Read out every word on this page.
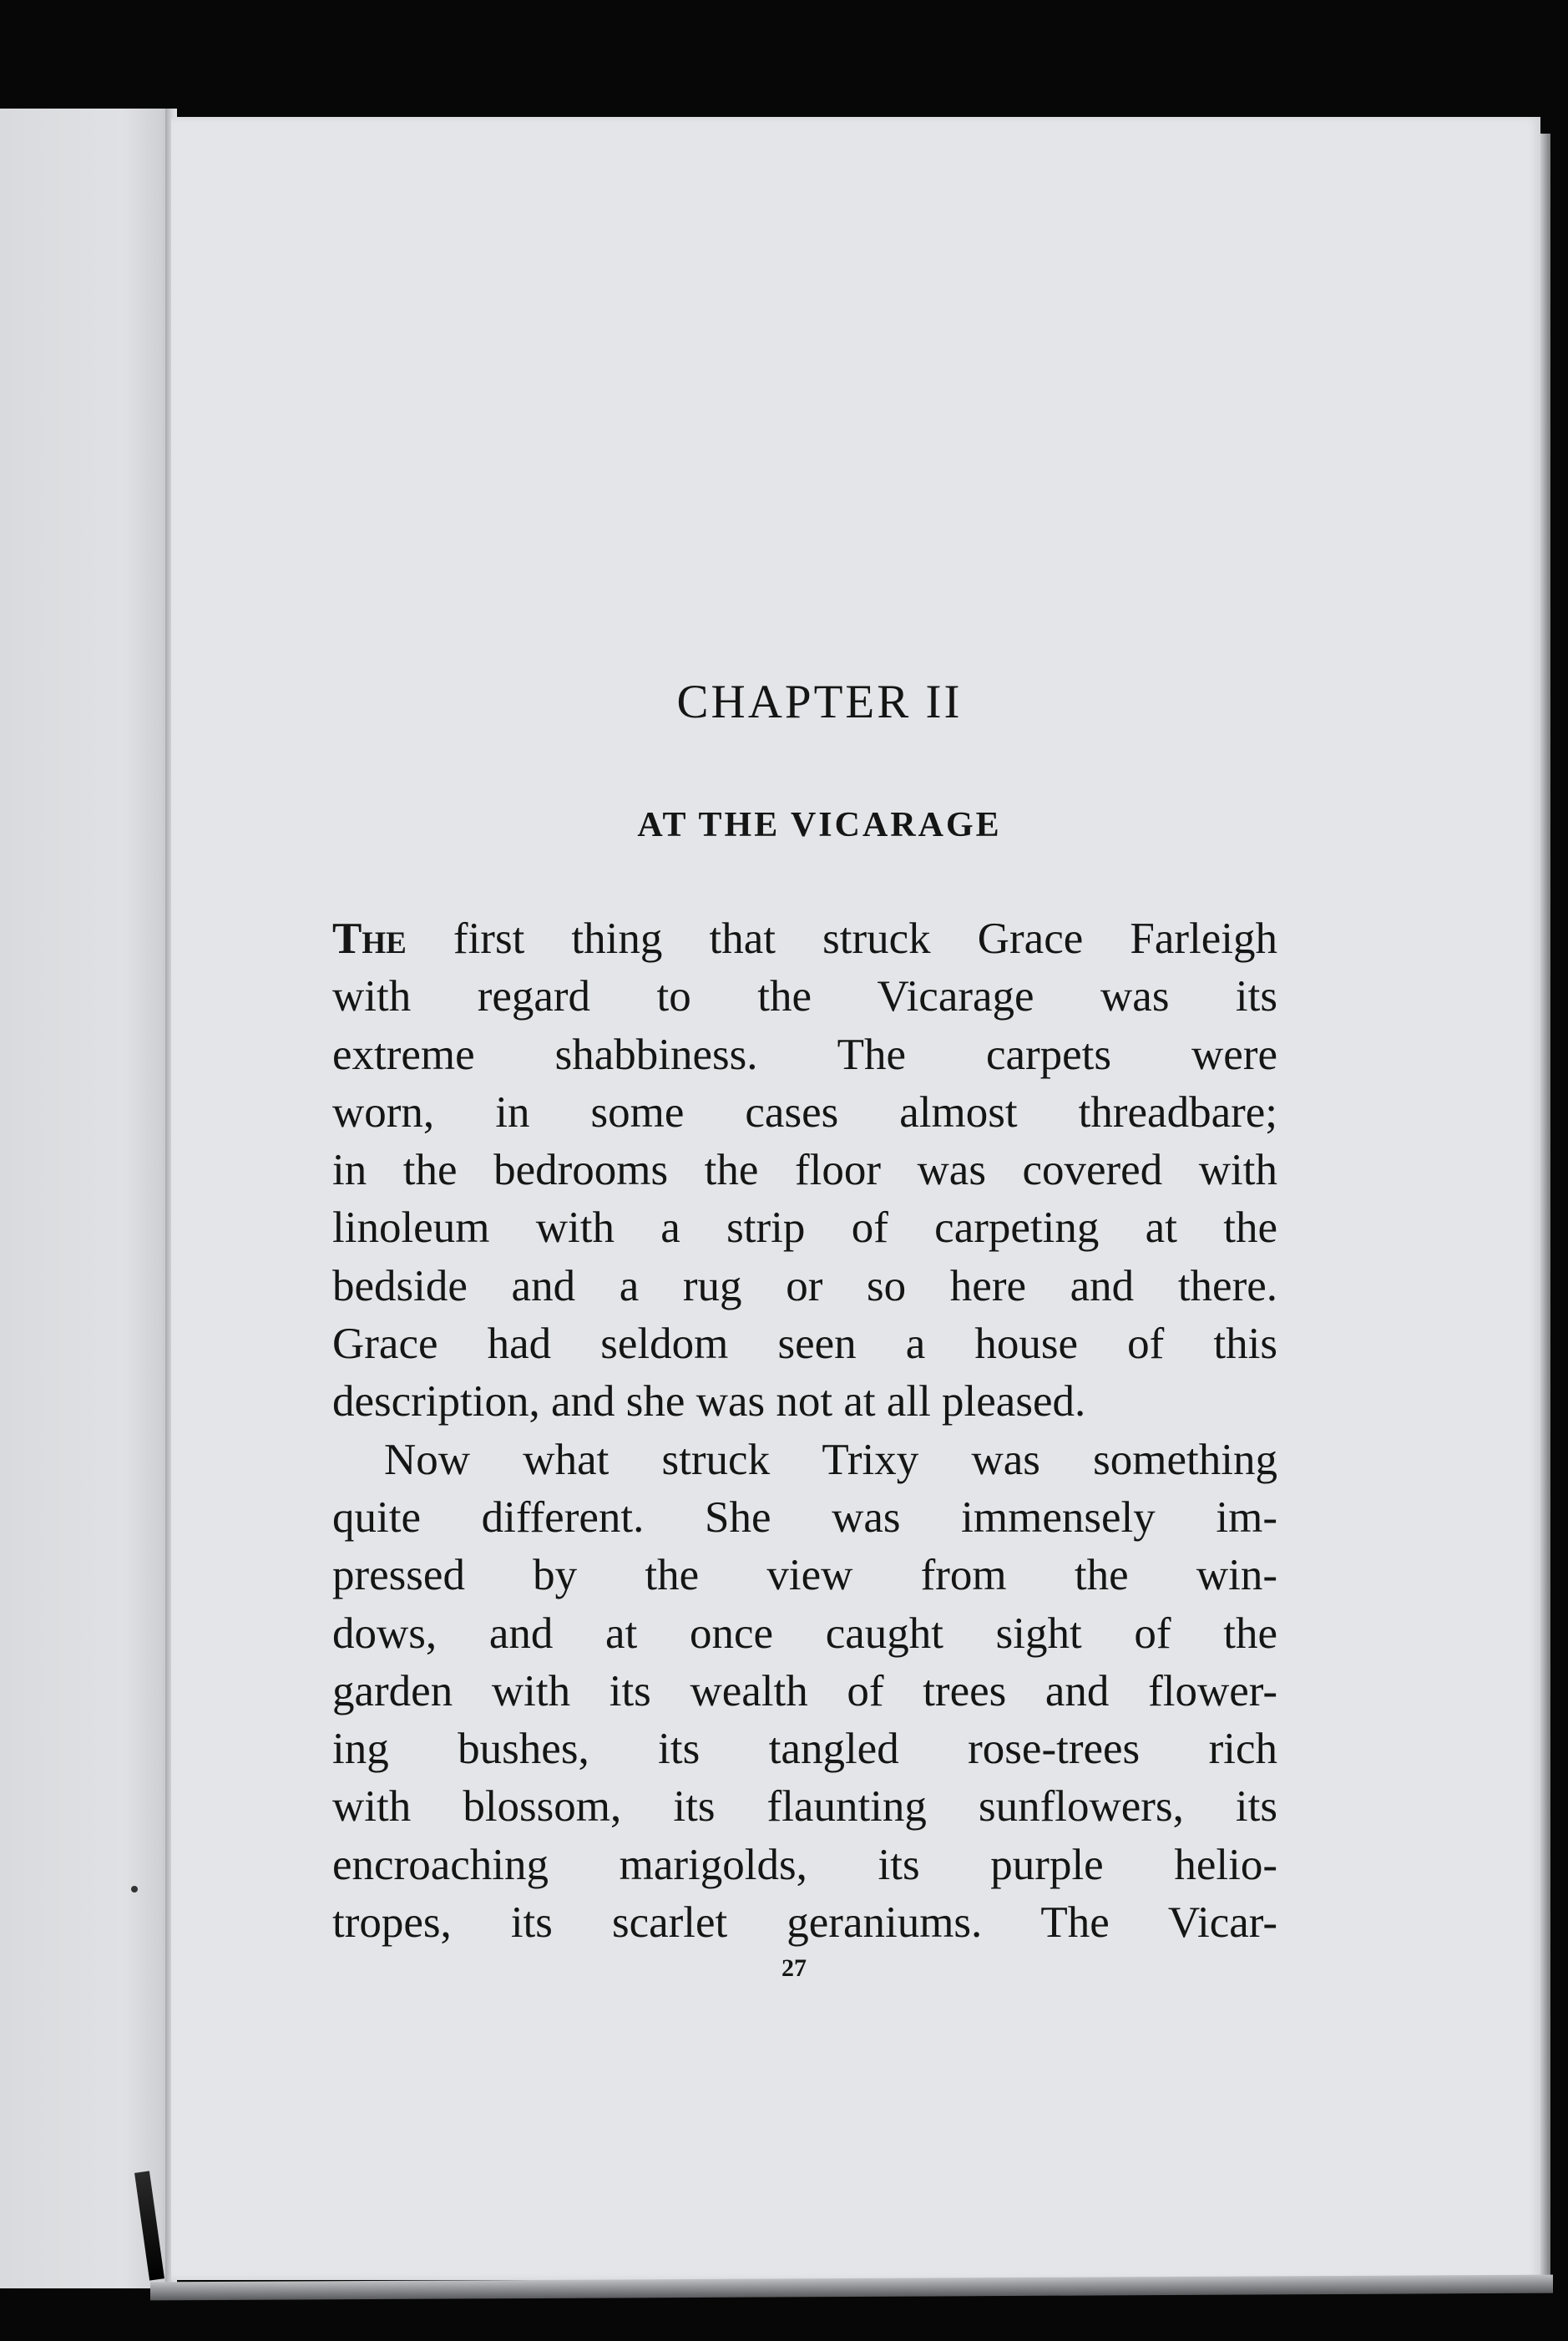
CHAPTER II
AT THE VICARAGE
The first thing that struck Grace Farleigh
with regard to the Vicarage was its
extreme shabbiness. The carpets were
worn, in some cases almost threadbare;
in the bedrooms the floor was covered with
linoleum with a strip of carpeting at the
bedside and a rug or so here and there.
Grace had seldom seen a house of this
description, and she was not at all pleased.
Now what struck Trixy was something
quite different. She was immensely im-
pressed by the view from the win-
dows, and at once caught sight of the
garden with its wealth of trees and flower-
ing bushes, its tangled rose-trees rich
with blossom, its flaunting sunflowers, its
encroaching marigolds, its purple helio-
tropes, its scarlet geraniums. The Vicar-

27
